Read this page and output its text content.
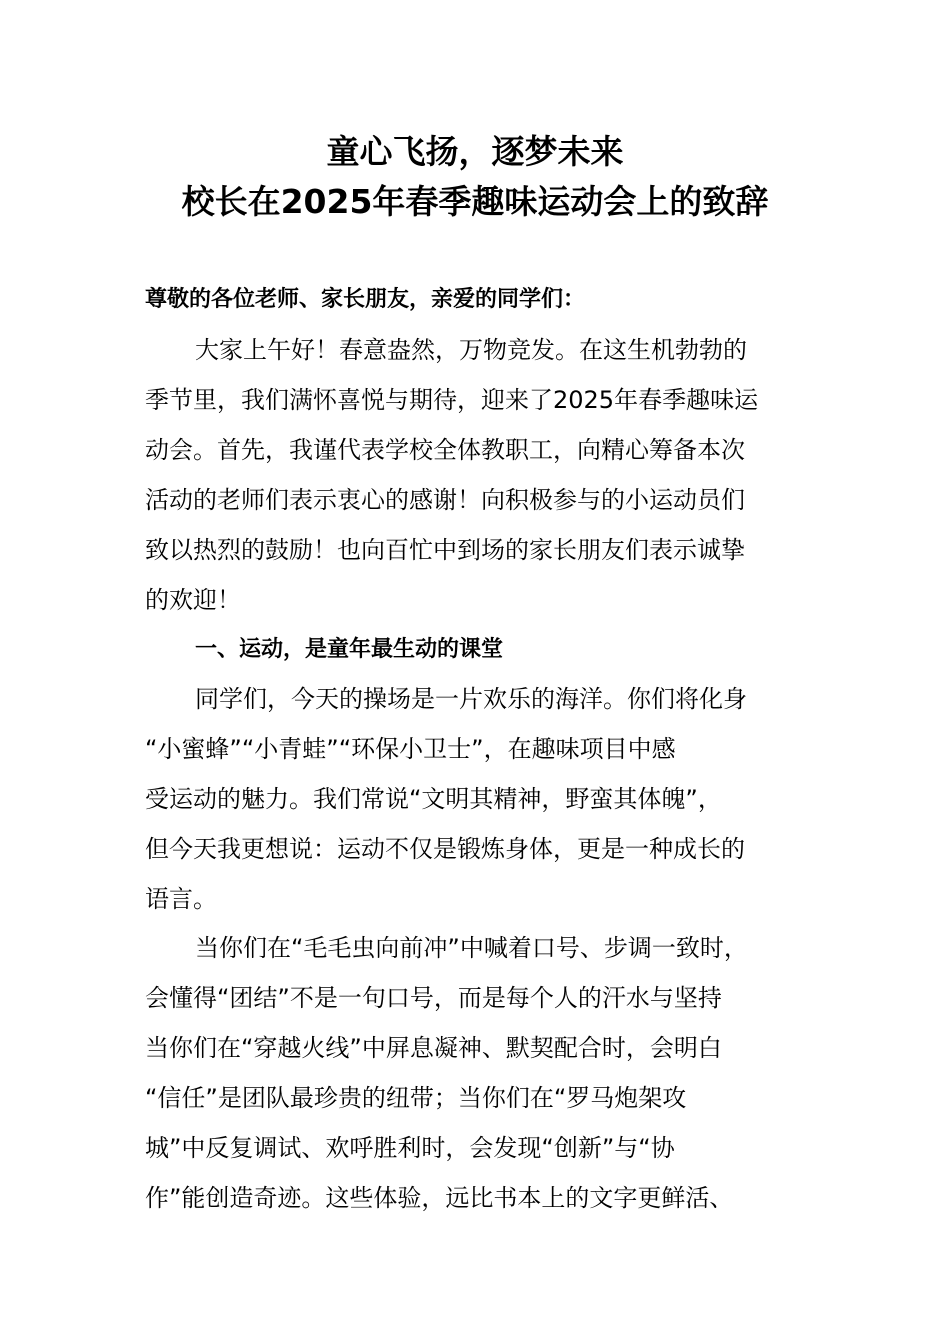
童心飞扬，逐梦未来
校长在2025年春季趣味运动会上的致辞
尊敬的各位老师、家长朋友，亲爱的同学们：
大家上午好！春意盎然，万物竞发。在这生机勃勃的
季节里，我们满怀喜悦与期待，迎来了2025年春季趣味运
动会。首先，我谨代表学校全体教职工，向精心筹备本次
活动的老师们表示衷心的感谢！向积极参与的小运动员们
致以热烈的鼓励！也向百忙中到场的家长朋友们表示诚挚
的欢迎！
一、运动，是童年最生动的课堂
同学们，今天的操场是一片欢乐的海洋。你们将化身
“小蜜蜂”“小青蛙”“环保小卫士”，在趣味项目中感
受运动的魅力。我们常说“文明其精神，野蛮其体魄”，
但今天我更想说：运动不仅是锻炼身体，更是一种成长的
语言。
当你们在“毛毛虫向前冲”中喊着口号、步调一致时，
会懂得“团结”不是一句口号，而是每个人的汗水与坚持
当你们在“穿越火线”中屏息凝神、默契配合时，会明白
“信任”是团队最珍贵的纽带；当你们在“罗马炮架攻
城”中反复调试、欢呼胜利时，会发现“创新”与“协
作”能创造奇迹。这些体验，远比书本上的文字更鲜活、
